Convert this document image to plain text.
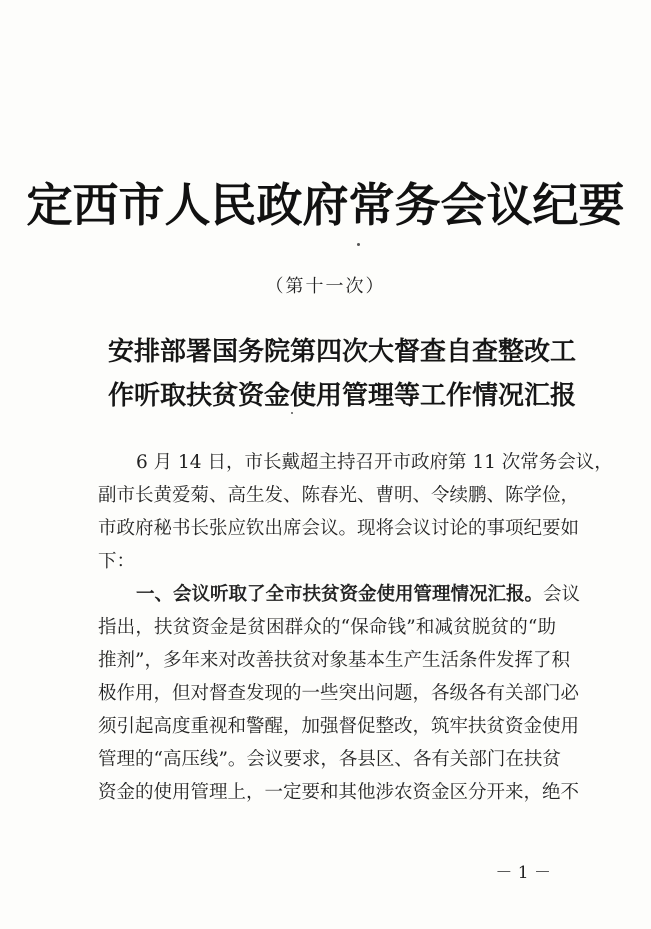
定西市人民政府常务会议纪要
（第十一次）
安排部署国务院第四次大督查自查整改工
作听取扶贫资金使用管理等工作情况汇报
6 月 14 日，市长戴超主持召开市政府第 11 次常务会议，
副市长黄爱菊、高生发、陈春光、曹明、令续鹏、陈学俭，
市政府秘书长张应钦出席会议。现将会议讨论的事项纪要如
下：
一、会议听取了全市扶贫资金使用管理情况汇报。会议
指出，扶贫资金是贫困群众的“保命钱”和减贫脱贫的“助
推剂”，多年来对改善扶贫对象基本生产生活条件发挥了积
极作用，但对督查发现的一些突出问题，各级各有关部门必
须引起高度重视和警醒，加强督促整改，筑牢扶贫资金使用
管理的“高压线”。会议要求，各县区、各有关部门在扶贫
资金的使用管理上，一定要和其他涉农资金区分开来，绝不
－ 1 －
